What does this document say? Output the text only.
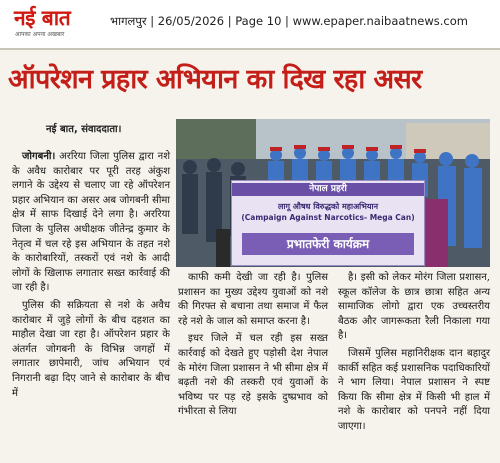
नई बात
आपका अपना अखबार
भागलपुर | 26/05/2026 | Page 10 | www.epaper.naibaatnews.com
ऑपरेशन प्रहार अभियान का दिख रहा असर
नई बात, संवाददाता।

जोगबनी। अररिया जिला पुलिस द्वारा नशे के अवैध कारोबार पर पूरी तरह अंकुश लगाने के उद्देश्य से चलाए जा रहे ऑपरेशन प्रहार अभियान का असर अब जोगबनी सीमा क्षेत्र में साफ दिखाई देने लगा है। अररिया जिला के पुलिस अधीक्षक जीतेन्द्र कुमार के नेतृत्व में चल रहे इस अभियान के तहत नशे के कारोबारियों, तस्करों एवं नशे के आदी लोगों के खिलाफ लगातार सख्त कार्रवाई की जा रही है।

पुलिस की सक्रियता से नशे के अवैध कारोबार में जुड़े लोगों के बीच दहशत का माहौल देखा जा रहा है। ऑपरेशन प्रहार के अंतर्गत जोगबनी के विभिन्न जगहों में लगातार छापेमारी, जांच अभियान एवं निगरानी बढ़ा दिए जाने से कारोबार के बीच में

नेपाल प्रहरी
लागू औषध विरुद्धको महाअभियान
(Campaign Against Narcotics- Mega Can)
प्रभातफेरी कार्यक्रम

काफी कमी देखी जा रही है। पुलिस प्रशासन का मुख्य उद्देश्य युवाओं को नशे की गिरफ्त से बचाना तथा समाज में फैल रहे नशे के जाल को समाप्त करना है।

इधर जिले में चल रही इस सख्त कार्रवाई को देखते हुए पड़ोसी देश नेपाल के मोरंग जिला प्रशासन ने भी सीमा क्षेत्र में बढ़ती नशे की तस्करी एवं युवाओं के भविष्य पर पड़ रहे इसके दुष्प्रभाव को गंभीरता से लिया

है। इसी को लेकर मोरंग जिला प्रशासन, स्कूल कॉलेज के छात्र छात्रा सहित अन्य सामाजिक लोगो द्वारा एक उच्चस्तरीय बैठक और जागरूकता रैली निकाला गया है।

जिसमें पुलिस महानिरीक्षक दान बहादुर कार्की सहित कई प्रशासनिक पदाधिकारियों ने भाग लिया। नेपाल प्रशासन ने स्पष्ट किया कि सीमा क्षेत्र में किसी भी हाल में नशे के कारोबार को पनपने नहीं दिया जाएगा।
